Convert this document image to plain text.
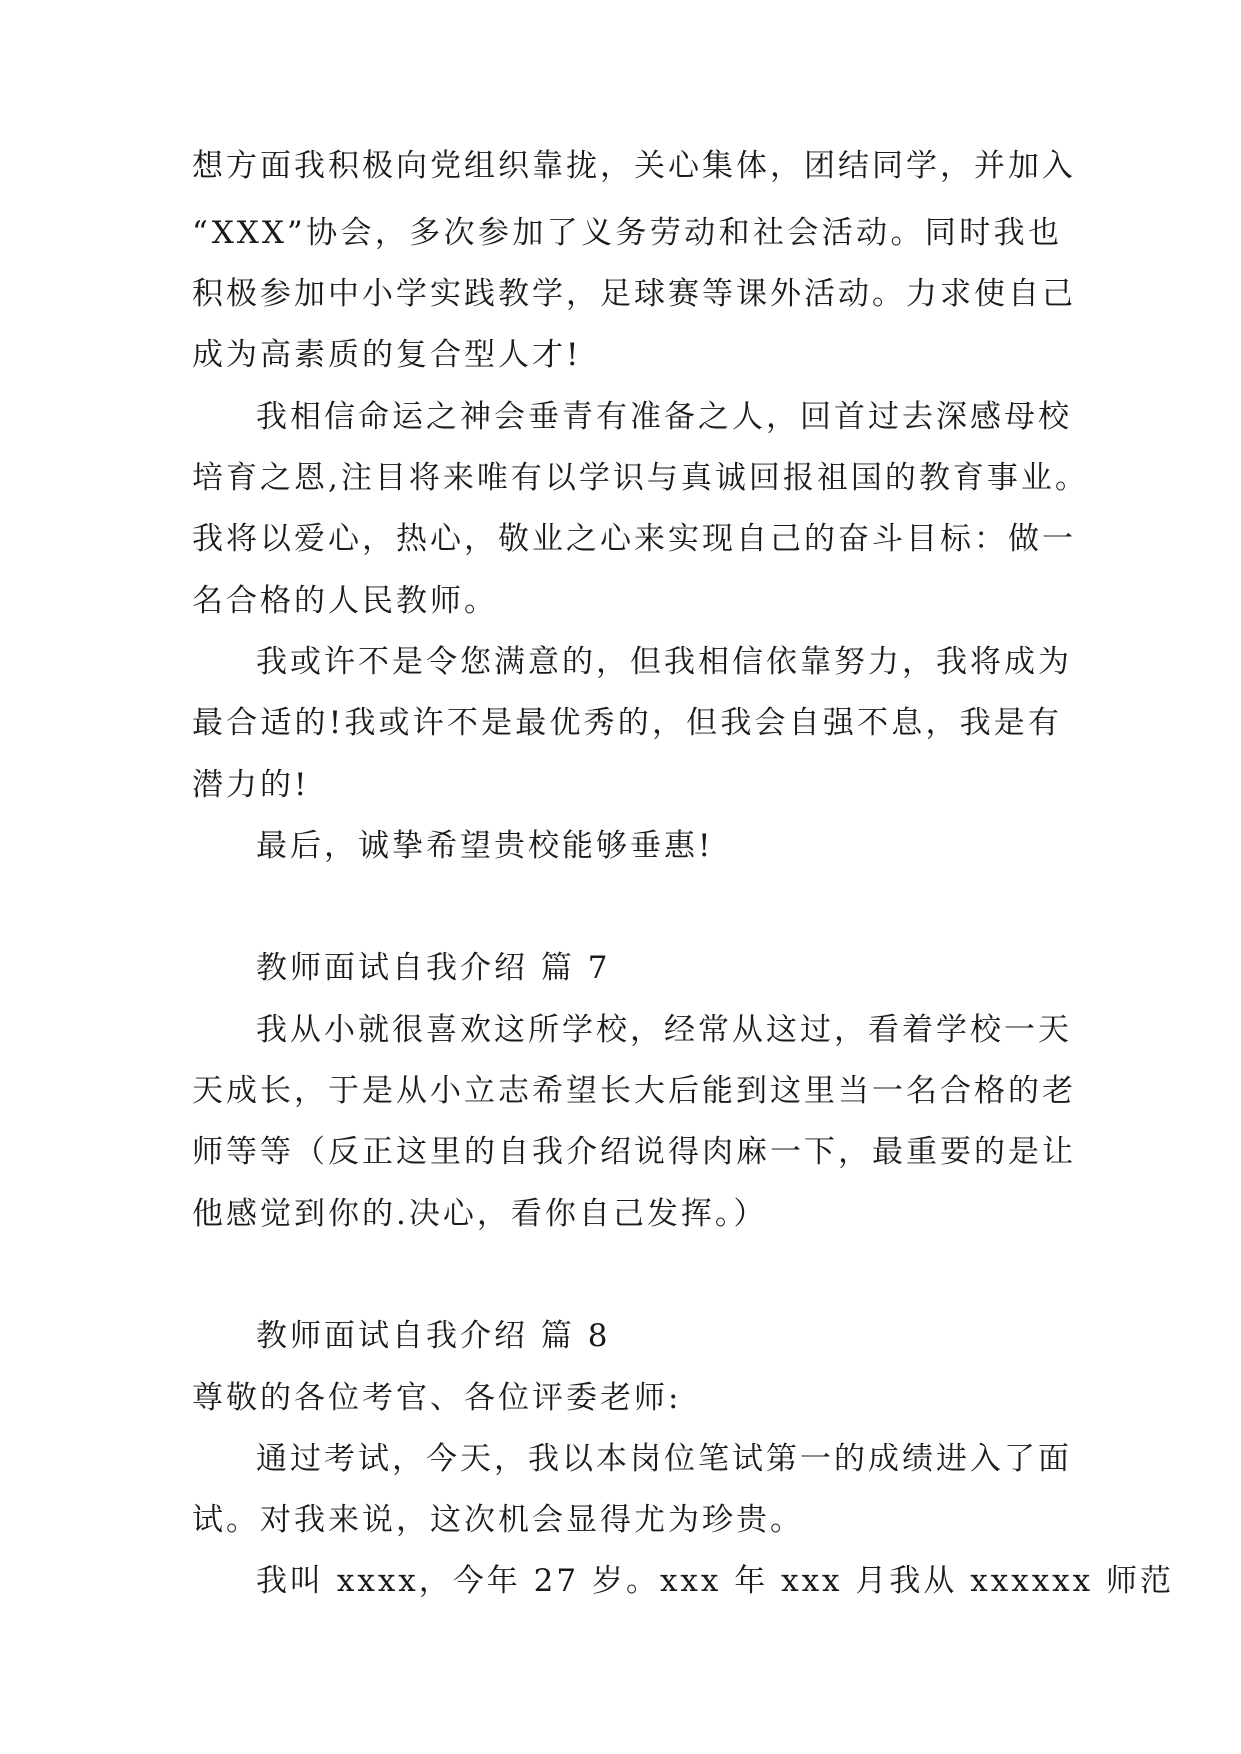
想方面我积极向党组织靠拢，关心集体，团结同学，并加入
“XXX”协会，多次参加了义务劳动和社会活动。同时我也
积极参加中小学实践教学，足球赛等课外活动。力求使自己
成为高素质的复合型人才!
我相信命运之神会垂青有准备之人，回首过去深感母校
培育之恩,注目将来唯有以学识与真诚回报祖国的教育事业。
我将以爱心，热心，敬业之心来实现自己的奋斗目标：做一
名合格的人民教师。
我或许不是令您满意的，但我相信依靠努力，我将成为
最合适的!我或许不是最优秀的，但我会自强不息，我是有
潜力的!
最后，诚挚希望贵校能够垂惠!
教师面试自我介绍 篇 7
我从小就很喜欢这所学校，经常从这过，看着学校一天
天成长，于是从小立志希望长大后能到这里当一名合格的老
师等等（反正这里的自我介绍说得肉麻一下，最重要的是让
他感觉到你的.决心，看你自己发挥。）
教师面试自我介绍 篇 8
尊敬的各位考官、各位评委老师:
通过考试，今天，我以本岗位笔试第一的成绩进入了面
试。对我来说，这次机会显得尤为珍贵。
我叫 xxxx，今年 27 岁。xxx 年 xxx 月我从 xxxxxx 师范
